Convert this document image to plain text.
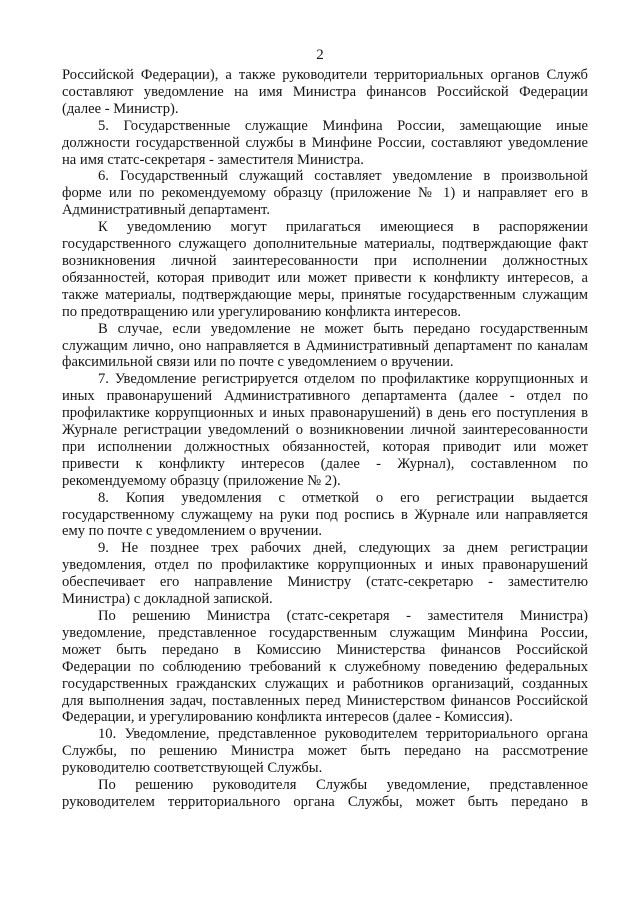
2
Российской Федерации), а также руководители территориальных органов Служб
составляют уведомление на имя Министра финансов Российской Федерации
(далее - Министр).
5. Государственные служащие Минфина России, замещающие иные
должности государственной службы в Минфине России, составляют уведомление
на имя статс-секретаря - заместителя Министра.
6. Государственный служащий составляет уведомление в произвольной
форме или по рекомендуемому образцу (приложение № 1) и направляет его в
Административный департамент.
К уведомлению могут прилагаться имеющиеся в распоряжении
государственного служащего дополнительные материалы, подтверждающие факт
возникновения личной заинтересованности при исполнении должностных
обязанностей, которая приводит или может привести к конфликту интересов, а
также материалы, подтверждающие меры, принятые государственным служащим
по предотвращению или урегулированию конфликта интересов.
В случае, если уведомление не может быть передано государственным
служащим лично, оно направляется в Административный департамент по каналам
факсимильной связи или по почте с уведомлением о вручении.
7. Уведомление регистрируется отделом по профилактике коррупционных и
иных правонарушений Административного департамента (далее - отдел по
профилактике коррупционных и иных правонарушений) в день его поступления в
Журнале регистрации уведомлений о возникновении личной заинтересованности
при исполнении должностных обязанностей, которая приводит или может
привести к конфликту интересов (далее - Журнал), составленном по
рекомендуемому образцу (приложение № 2).
8. Копия уведомления с отметкой о его регистрации выдается
государственному служащему на руки под роспись в Журнале или направляется
ему по почте с уведомлением о вручении.
9. Не позднее трех рабочих дней, следующих за днем регистрации
уведомления, отдел по профилактике коррупционных и иных правонарушений
обеспечивает его направление Министру (статс-секретарю - заместителю
Министра) с докладной запиской.
По решению Министра (статс-секретаря - заместителя Министра)
уведомление, представленное государственным служащим Минфина России,
может быть передано в Комиссию Министерства финансов Российской
Федерации по соблюдению требований к служебному поведению федеральных
государственных гражданских служащих и работников организаций, созданных
для выполнения задач, поставленных перед Министерством финансов Российской
Федерации, и урегулированию конфликта интересов (далее - Комиссия).
10. Уведомление, представленное руководителем территориального органа
Службы, по решению Министра может быть передано на рассмотрение
руководителю соответствующей Службы.
По решению руководителя Службы уведомление, представленное
руководителем территориального органа Службы, может быть передано в
